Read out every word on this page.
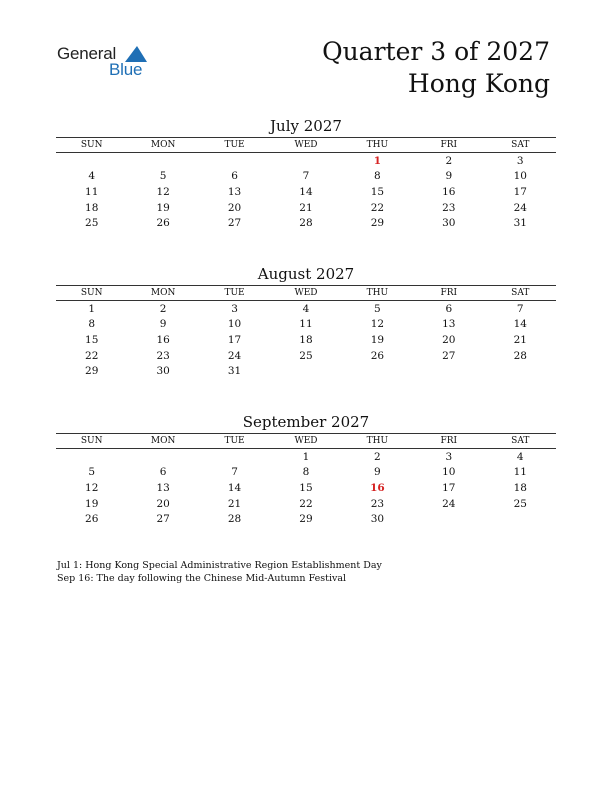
General
Blue
Quarter 3 of 2027
Hong Kong
July 2027
SUN	MON	TUE	WED	THU	FRI	SAT
				1	2	3
4	5	6	7	8	9	10
11	12	13	14	15	16	17
18	19	20	21	22	23	24
25	26	27	28	29	30	31
August 2027
SUN	MON	TUE	WED	THU	FRI	SAT
1	2	3	4	5	6	7
8	9	10	11	12	13	14
15	16	17	18	19	20	21
22	23	24	25	26	27	28
29	30	31				
September 2027
SUN	MON	TUE	WED	THU	FRI	SAT
			1	2	3	4
5	6	7	8	9	10	11
12	13	14	15	16	17	18
19	20	21	22	23	24	25
26	27	28	29	30		
Jul 1: Hong Kong Special Administrative Region Establishment Day
Sep 16: The day following the Chinese Mid-Autumn Festival
